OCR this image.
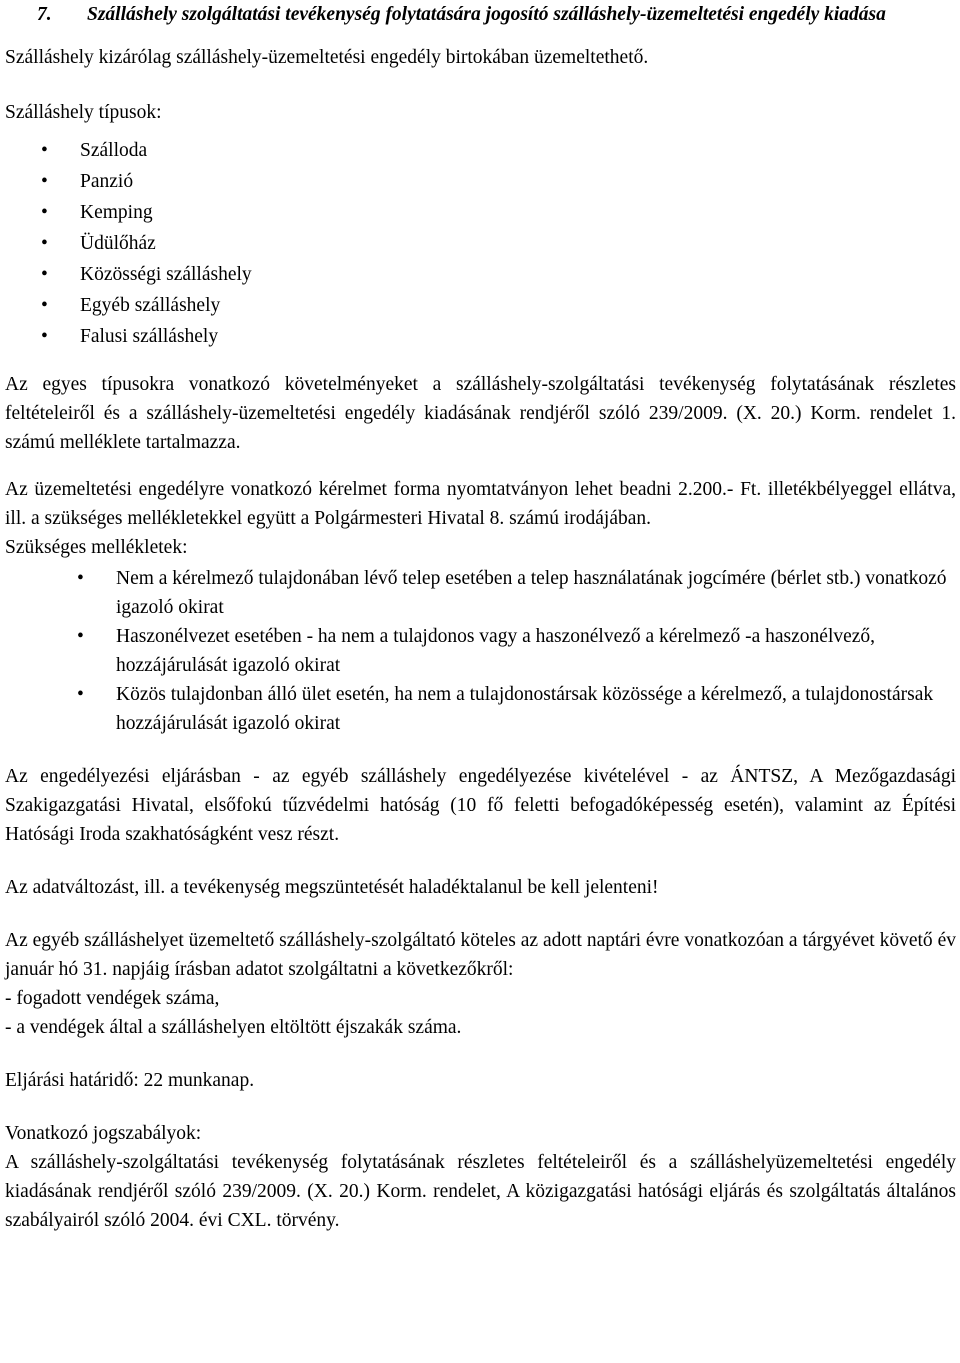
7.	Szálláshely szolgáltatási tevékenység folytatására jogosító szálláshely-üzemeltetési engedély kiadása

Szálláshely kizárólag szálláshely-üzemeltetési engedély birtokában üzemeltethető.

Szálláshely típusok:

•	Szálloda
•	Panzió
•	Kemping
•	Üdülőház
•	Közösségi szálláshely
•	Egyéb szálláshely
•	Falusi szálláshely

Az egyes típusokra vonatkozó követelményeket a szálláshely-szolgáltatási tevékenység folytatásának részletes feltételeiről és a szálláshely-üzemeltetési engedély kiadásának rendjéről szóló 239/2009. (X. 20.) Korm. rendelet 1. számú melléklete tartalmazza.

Az üzemeltetési engedélyre vonatkozó kérelmet forma nyomtatványon lehet beadni 2.200.- Ft. illetékbélyeggel ellátva, ill. a szükséges mellékletekkel együtt a Polgármesteri Hivatal 8. számú irodájában.

Szükséges mellékletek:

•	Nem a kérelmező tulajdonában lévő telep esetében a telep használatának jogcímére (bérlet stb.) vonatkozó igazoló okirat
•	Haszonélvezet esetében - ha nem a tulajdonos vagy a haszonélvező a kérelmező -a haszonélvező, hozzájárulását igazoló okirat
•	Közös tulajdonban álló ület esetén, ha nem a tulajdonostársak közössége a kérelmező, a tulajdonostársak hozzájárulását igazoló okirat

Az engedélyezési eljárásban - az egyéb szálláshely engedélyezése kivételével - az ÁNTSZ, A Mezőgazdasági Szakigazgatási Hivatal, elsőfokú tűzvédelmi hatóság (10 fő feletti befogadóképesség esetén), valamint az Építési Hatósági Iroda szakhatóságként vesz részt.

Az adatváltozást, ill. a tevékenység megszüntetését haladéktalanul be kell jelenteni!

Az egyéb szálláshelyet üzemeltető szálláshely-szolgáltató köteles az adott naptári évre vonatkozóan a tárgyévet követő év január hó 31. napjáig írásban adatot szolgáltatni a következőkről:

- fogadott vendégek száma,

- a vendégek által a szálláshelyen eltöltött éjszakák száma.

Eljárási határidő: 22 munkanap.

Vonatkozó jogszabályok:

A szálláshely-szolgáltatási tevékenység folytatásának részletes feltételeiről és a szálláshelyüzemeltetési engedély kiadásának rendjéről szóló 239/2009. (X. 20.) Korm. rendelet, A közigazgatási hatósági eljárás és szolgáltatás általános szabályairól szóló 2004. évi CXL. törvény.
